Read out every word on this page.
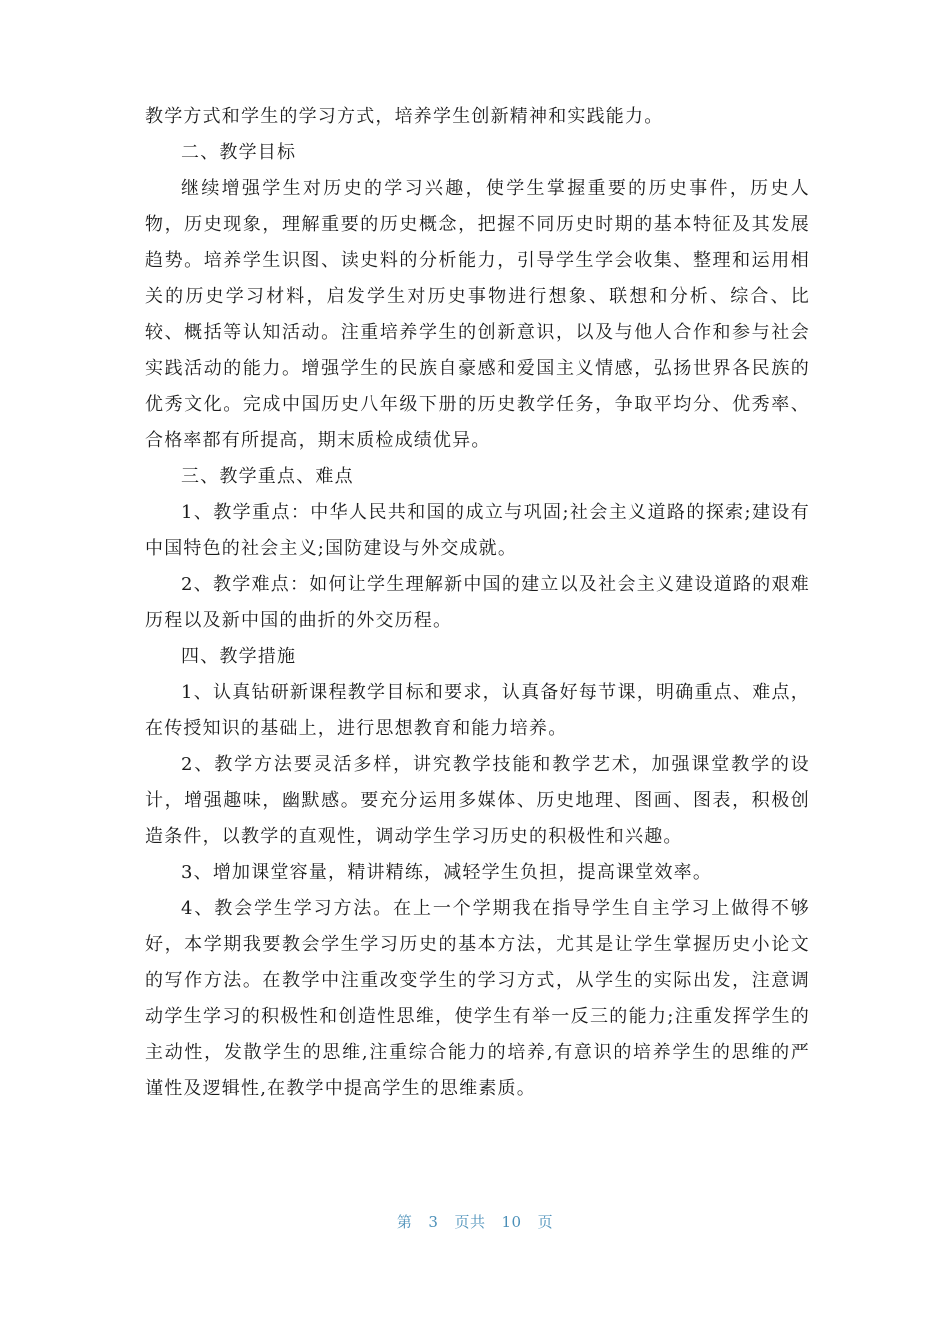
教学方式和学生的学习方式，培养学生创新精神和实践能力。

二、教学目标

继续增强学生对历史的学习兴趣，使学生掌握重要的历史事件，历史人物，历史现象，理解重要的历史概念，把握不同历史时期的基本特征及其发展趋势。培养学生识图、读史料的分析能力，引导学生学会收集、整理和运用相关的历史学习材料，启发学生对历史事物进行想象、联想和分析、综合、比较、概括等认知活动。注重培养学生的创新意识，以及与他人合作和参与社会实践活动的能力。增强学生的民族自豪感和爱国主义情感，弘扬世界各民族的优秀文化。完成中国历史八年级下册的历史教学任务，争取平均分、优秀率、合格率都有所提高，期末质检成绩优异。

三、教学重点、难点

1、教学重点：中华人民共和国的成立与巩固;社会主义道路的探索;建设有中国特色的社会主义;国防建设与外交成就。

2、教学难点：如何让学生理解新中国的建立以及社会主义建设道路的艰难历程以及新中国的曲折的外交历程。

四、教学措施

1、认真钻研新课程教学目标和要求，认真备好每节课，明确重点、难点，在传授知识的基础上，进行思想教育和能力培养。

2、教学方法要灵活多样，讲究教学技能和教学艺术，加强课堂教学的设计，增强趣味，幽默感。要充分运用多媒体、历史地理、图画、图表，积极创造条件，以教学的直观性，调动学生学习历史的积极性和兴趣。

3、增加课堂容量，精讲精练，减轻学生负担，提高课堂效率。

4、教会学生学习方法。在上一个学期我在指导学生自主学习上做得不够好，本学期我要教会学生学习历史的基本方法，尤其是让学生掌握历史小论文的写作方法。在教学中注重改变学生的学习方式，从学生的实际出发，注意调动学生学习的积极性和创造性思维，使学生有举一反三的能力;注重发挥学生的主动性，发散学生的思维,注重综合能力的培养,有意识的培养学生的思维的严谨性及逻辑性,在教学中提高学生的思维素质。

第 3 页共 10 页
